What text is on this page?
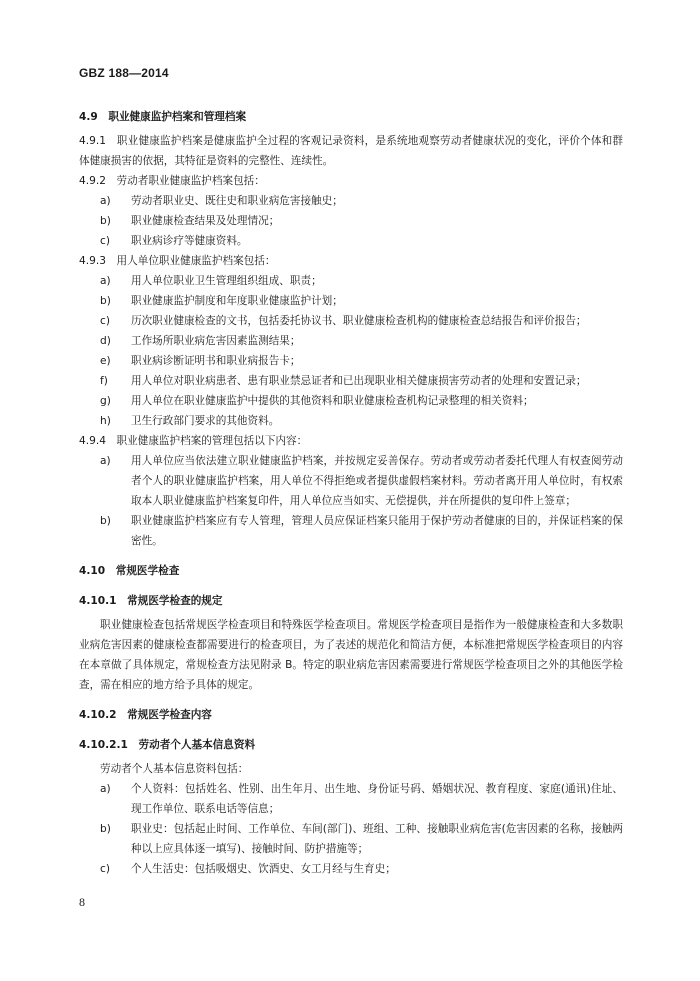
GBZ 188—2014
4.9　职业健康监护档案和管理档案
4.9.1　职业健康监护档案是健康监护全过程的客观记录资料，是系统地观察劳动者健康状况的变化，评价个体和群体健康损害的依据，其特征是资料的完整性、连续性。
4.9.2　劳动者职业健康监护档案包括：
a)	劳动者职业史、既往史和职业病危害接触史；
b)	职业健康检查结果及处理情况；
c)	职业病诊疗等健康资料。
4.9.3　用人单位职业健康监护档案包括：
a)	用人单位职业卫生管理组织组成、职责；
b)	职业健康监护制度和年度职业健康监护计划；
c)	历次职业健康检查的文书，包括委托协议书、职业健康检查机构的健康检查总结报告和评价报告；
d)	工作场所职业病危害因素监测结果；
e)	职业病诊断证明书和职业病报告卡；
f)	用人单位对职业病患者、患有职业禁忌证者和已出现职业相关健康损害劳动者的处理和安置记录；
g)	用人单位在职业健康监护中提供的其他资料和职业健康检查机构记录整理的相关资料；
h)	卫生行政部门要求的其他资料。
4.9.4　职业健康监护档案的管理包括以下内容：
a)	用人单位应当依法建立职业健康监护档案，并按规定妥善保存。劳动者或劳动者委托代理人有权查阅劳动者个人的职业健康监护档案，用人单位不得拒绝或者提供虚假档案材料。劳动者离开用人单位时，有权索取本人职业健康监护档案复印件，用人单位应当如实、无偿提供，并在所提供的复印件上签章；
b)	职业健康监护档案应有专人管理，管理人员应保证档案只能用于保护劳动者健康的目的，并保证档案的保密性。
4.10　常规医学检查
4.10.1　常规医学检查的规定
职业健康检查包括常规医学检查项目和特殊医学检查项目。常规医学检查项目是指作为一般健康检查和大多数职业病危害因素的健康检查都需要进行的检查项目，为了表述的规范化和简洁方便，本标准把常规医学检查项目的内容在本章做了具体规定，常规检查方法见附录 B。特定的职业病危害因素需要进行常规医学检查项目之外的其他医学检查，需在相应的地方给予具体的规定。
4.10.2　常规医学检查内容
4.10.2.1　劳动者个人基本信息资料
劳动者个人基本信息资料包括：
a)	个人资料：包括姓名、性别、出生年月、出生地、身份证号码、婚姻状况、教育程度、家庭(通讯)住址、现工作单位、联系电话等信息；
b)	职业史：包括起止时间、工作单位、车间(部门)、班组、工种、接触职业病危害(危害因素的名称，接触两种以上应具体逐一填写)、接触时间、防护措施等；
c)	个人生活史：包括吸烟史、饮酒史、女工月经与生育史；
8
